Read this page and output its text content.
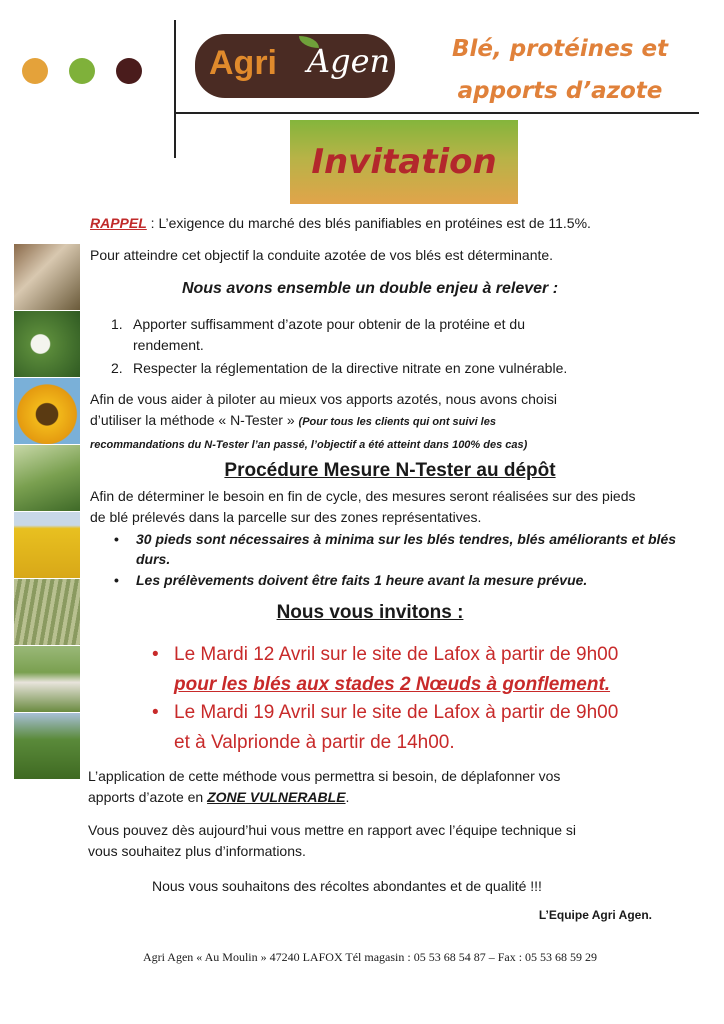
Agri Agen	Blé, protéines et
apports d’azote
Invitation

RAPPEL : L’exigence du marché des blés panifiables en protéines est de 11.5%.

Pour atteindre cet objectif la conduite azotée de vos blés est déterminante.

Nous avons ensemble un double enjeu à relever :

1. Apporter suffisamment d’azote pour obtenir de la protéine et du
rendement.
2. Respecter la réglementation de la directive nitrate en zone vulnérable.

Afin de vous aider à piloter au mieux vos apports azotés, nous avons choisi
d’utiliser la méthode « N-Tester » (Pour tous les clients qui ont suivi les
recommandations du N-Tester l’an passé, l’objectif a été atteint dans 100% des cas)

Procédure Mesure N-Tester au dépôt

Afin de déterminer le besoin en fin de cycle, des mesures seront réalisées sur des pieds
de blé prélevés dans la parcelle sur des zones représentatives.

• 30 pieds sont nécessaires à minima sur les blés tendres, blés améliorants et blés
durs.
• Les prélèvements doivent être faits 1 heure avant la mesure prévue.

Nous vous invitons :

• Le Mardi 12 Avril sur le site de Lafox à partir de 9h00
pour les blés aux stades 2 Nœuds à gonflement.
• Le Mardi 19 Avril sur le site de Lafox à partir de 9h00
et à Valprionde à partir de 14h00.

L’application de cette méthode vous permettra si besoin, de déplafonner vos
apports d’azote en ZONE VULNERABLE.

Vous pouvez dès aujourd’hui vous mettre en rapport avec l’équipe technique si
vous souhaitez plus d’informations.

Nous vous souhaitons des récoltes abondantes et de qualité !!!

L’Equipe Agri Agen.

Agri Agen « Au Moulin » 47240 LAFOX Tél magasin : 05 53 68 54 87 – Fax : 05 53 68 59 29
